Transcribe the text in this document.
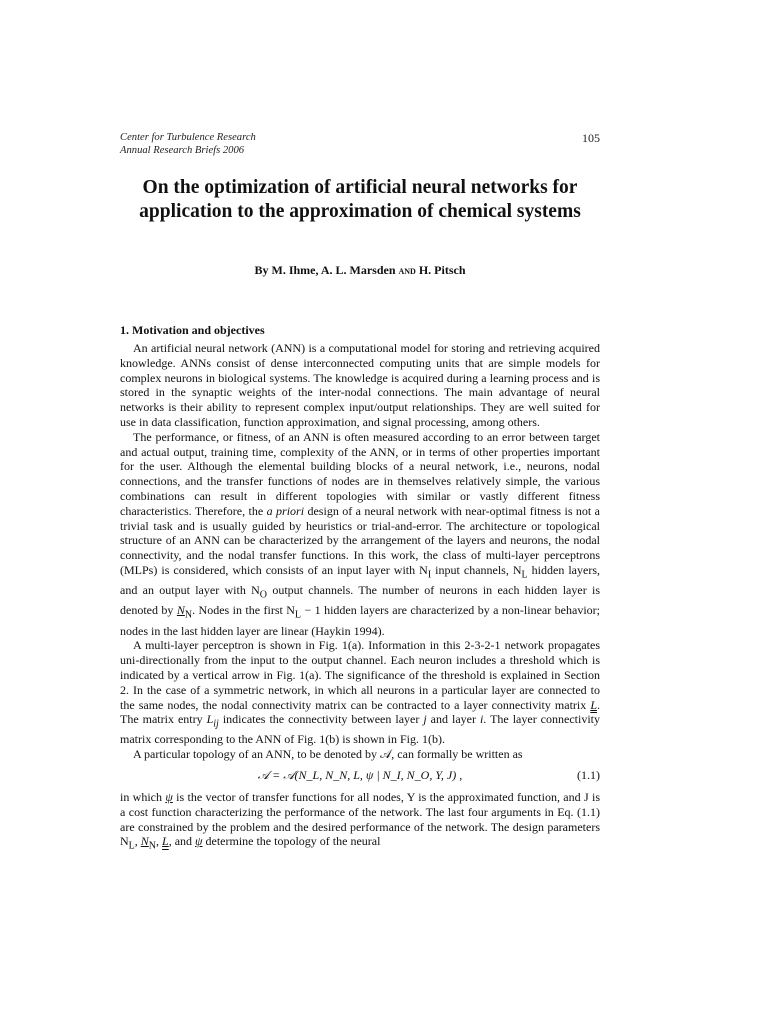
Center for Turbulence Research
Annual Research Briefs 2006
105
On the optimization of artificial neural networks for application to the approximation of chemical systems
By M. Ihme, A. L. Marsden and H. Pitsch
1. Motivation and objectives

An artificial neural network (ANN) is a computational model for storing and retrieving acquired knowledge. ANNs consist of dense interconnected computing units that are simple models for complex neurons in biological systems. The knowledge is acquired during a learning process and is stored in the synaptic weights of the inter-nodal connections. The main advantage of neural networks is their ability to represent complex input/output relationships. They are well suited for use in data classification, function approximation, and signal processing, among others.

The performance, or fitness, of an ANN is often measured according to an error between target and actual output, training time, complexity of the ANN, or in terms of other properties important for the user. Although the elemental building blocks of a neural network, i.e., neurons, nodal connections, and the transfer functions of nodes are in themselves relatively simple, the various combinations can result in different topologies with similar or vastly different fitness characteristics. Therefore, the a priori design of a neural network with near-optimal fitness is not a trivial task and is usually guided by heuristics or trial-and-error. The architecture or topological structure of an ANN can be characterized by the arrangement of the layers and neurons, the nodal connectivity, and the nodal transfer functions. In this work, the class of multi-layer perceptrons (MLPs) is considered, which consists of an input layer with $N_I$ input channels, $N_L$ hidden layers, and an output layer with $N_O$ output channels. The number of neurons in each hidden layer is denoted by $N_N$. Nodes in the first $N_L - 1$ hidden layers are characterized by a non-linear behavior; nodes in the last hidden layer are linear (Haykin 1994).

A multi-layer perceptron is shown in Fig. 1(a). Information in this 2-3-2-1 network propagates uni-directionally from the input to the output channel. Each neuron includes a threshold which is indicated by a vertical arrow in Fig. 1(a). The significance of the threshold is explained in Section 2. In the case of a symmetric network, in which all neurons in a particular layer are connected to the same nodes, the nodal connectivity matrix can be contracted to a layer connectivity matrix L. The matrix entry $L_{ij}$ indicates the connectivity between layer j and layer i. The layer connectivity matrix corresponding to the ANN of Fig. 1(b) is shown in Fig. 1(b).

A particular topology of an ANN, to be denoted by 𝒜, can formally be written as

𝒜 = 𝒜(N_L, N_N, L, ψ | N_I, N_O, Y, J) ,	(1.1)

in which ψ is the vector of transfer functions for all nodes, Y is the approximated function, and J is a cost function characterizing the performance of the network. The last four arguments in Eq. (1.1) are constrained by the problem and the desired performance of the network. The design parameters $N_L$, $N_N$, L, and ψ determine the topology of the neural
